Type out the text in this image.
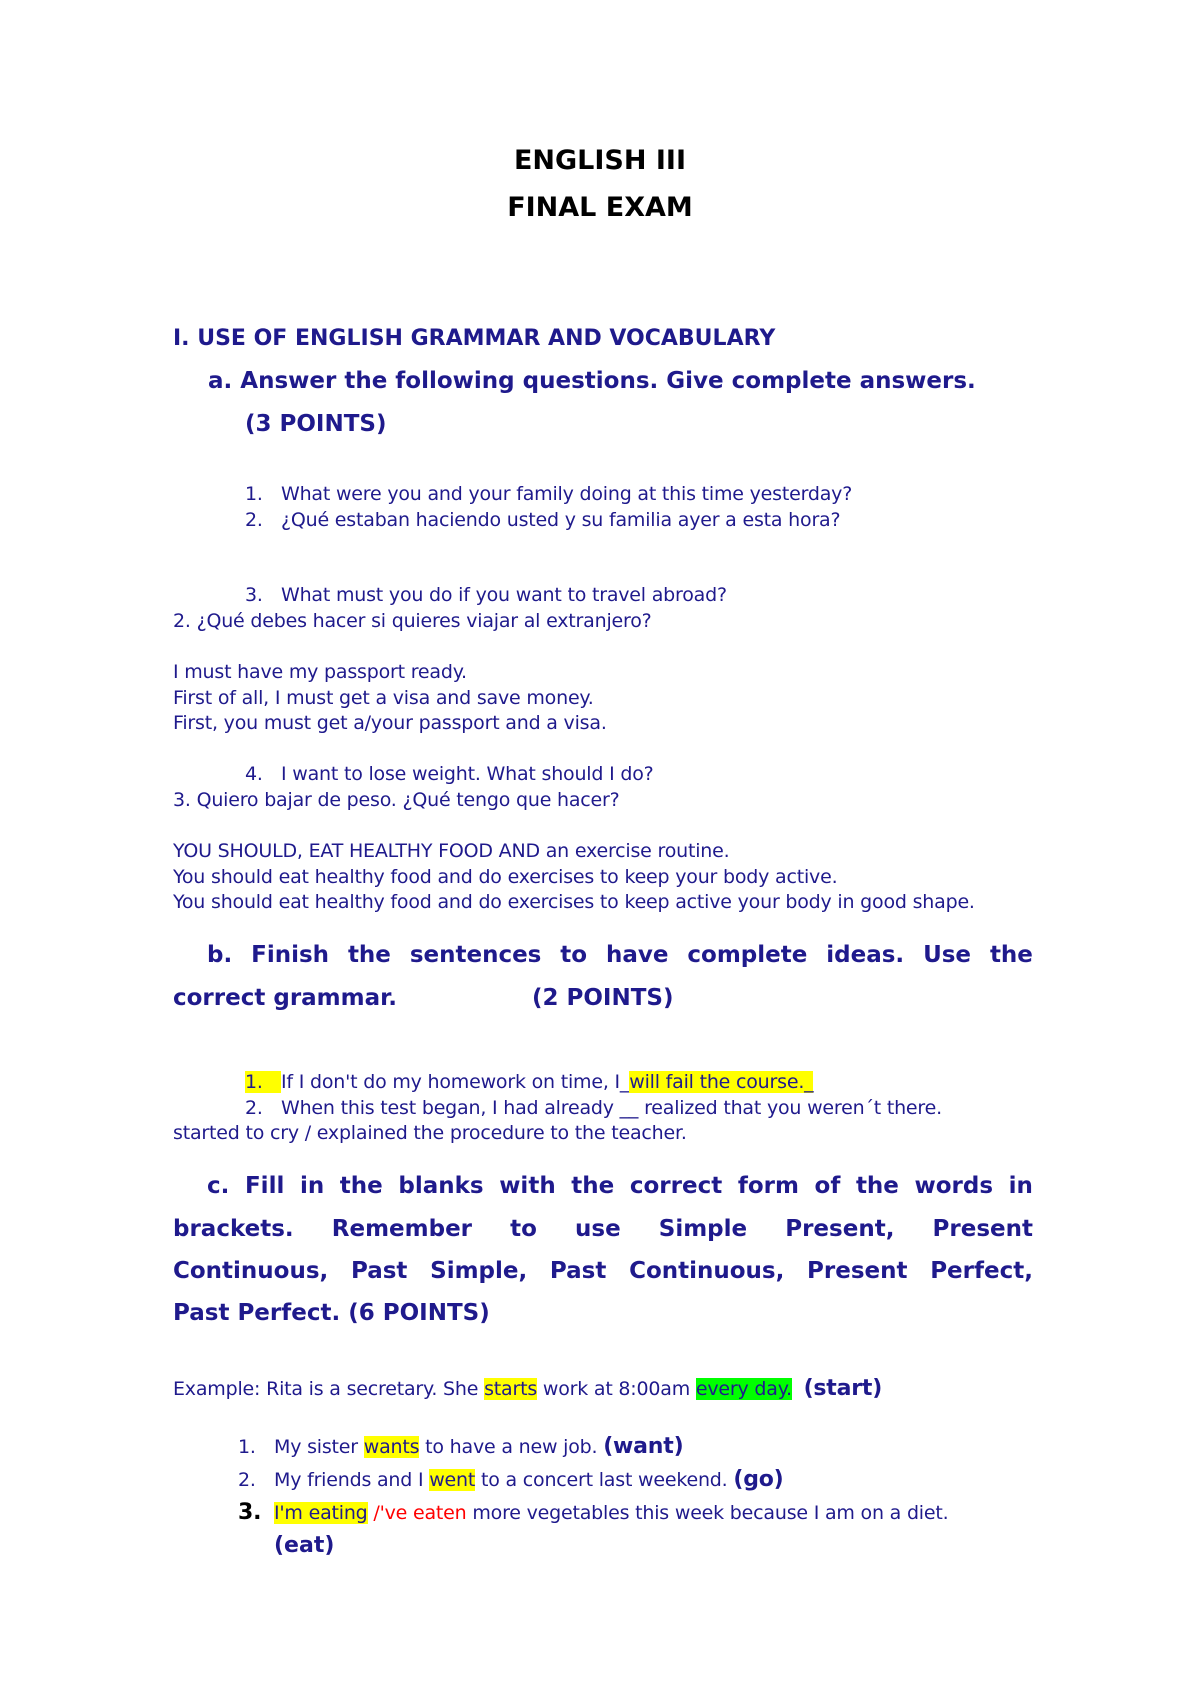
ENGLISH III
FINAL EXAM
I. USE OF ENGLISH GRAMMAR AND VOCABULARY
a. Answer the following questions. Give complete answers.
(3 POINTS)
1. What were you and your family doing at this time yesterday?
2. ¿Qué estaban haciendo usted y su familia ayer a esta hora?
3. What must you do if you want to travel abroad?
2. ¿Qué debes hacer si quieres viajar al extranjero?
I must have my passport ready.
First of all, I must get a visa and save money.
First, you must get a/your passport and a visa.
4. I want to lose weight. What should I do?
3. Quiero bajar de peso. ¿Qué tengo que hacer?
YOU SHOULD, EAT HEALTHY FOOD AND an exercise routine.
You should eat healthy food and do exercises to keep your body active.
You should eat healthy food and do exercises to keep active your body in good shape.
b. Finish the sentences to have complete ideas. Use the
correct grammar.	(2 POINTS)
1. If I don't do my homework on time, I_will fail the course._
2. When this test began, I had already __ realized that you weren´t there.
started to cry / explained the procedure to the teacher.
c. Fill in the blanks with the correct form of the words in
brackets. Remember to use Simple Present, Present
Continuous, Past Simple, Past Continuous, Present Perfect,
Past Perfect. (6 POINTS)
Example: Rita is a secretary. She starts work at 8:00am every day. (start)
1. My sister wants to have a new job. (want)
2. My friends and I went to a concert last weekend. (go)
3. I'm eating /'ve eaten more vegetables this week because I am on a diet.
(eat)
